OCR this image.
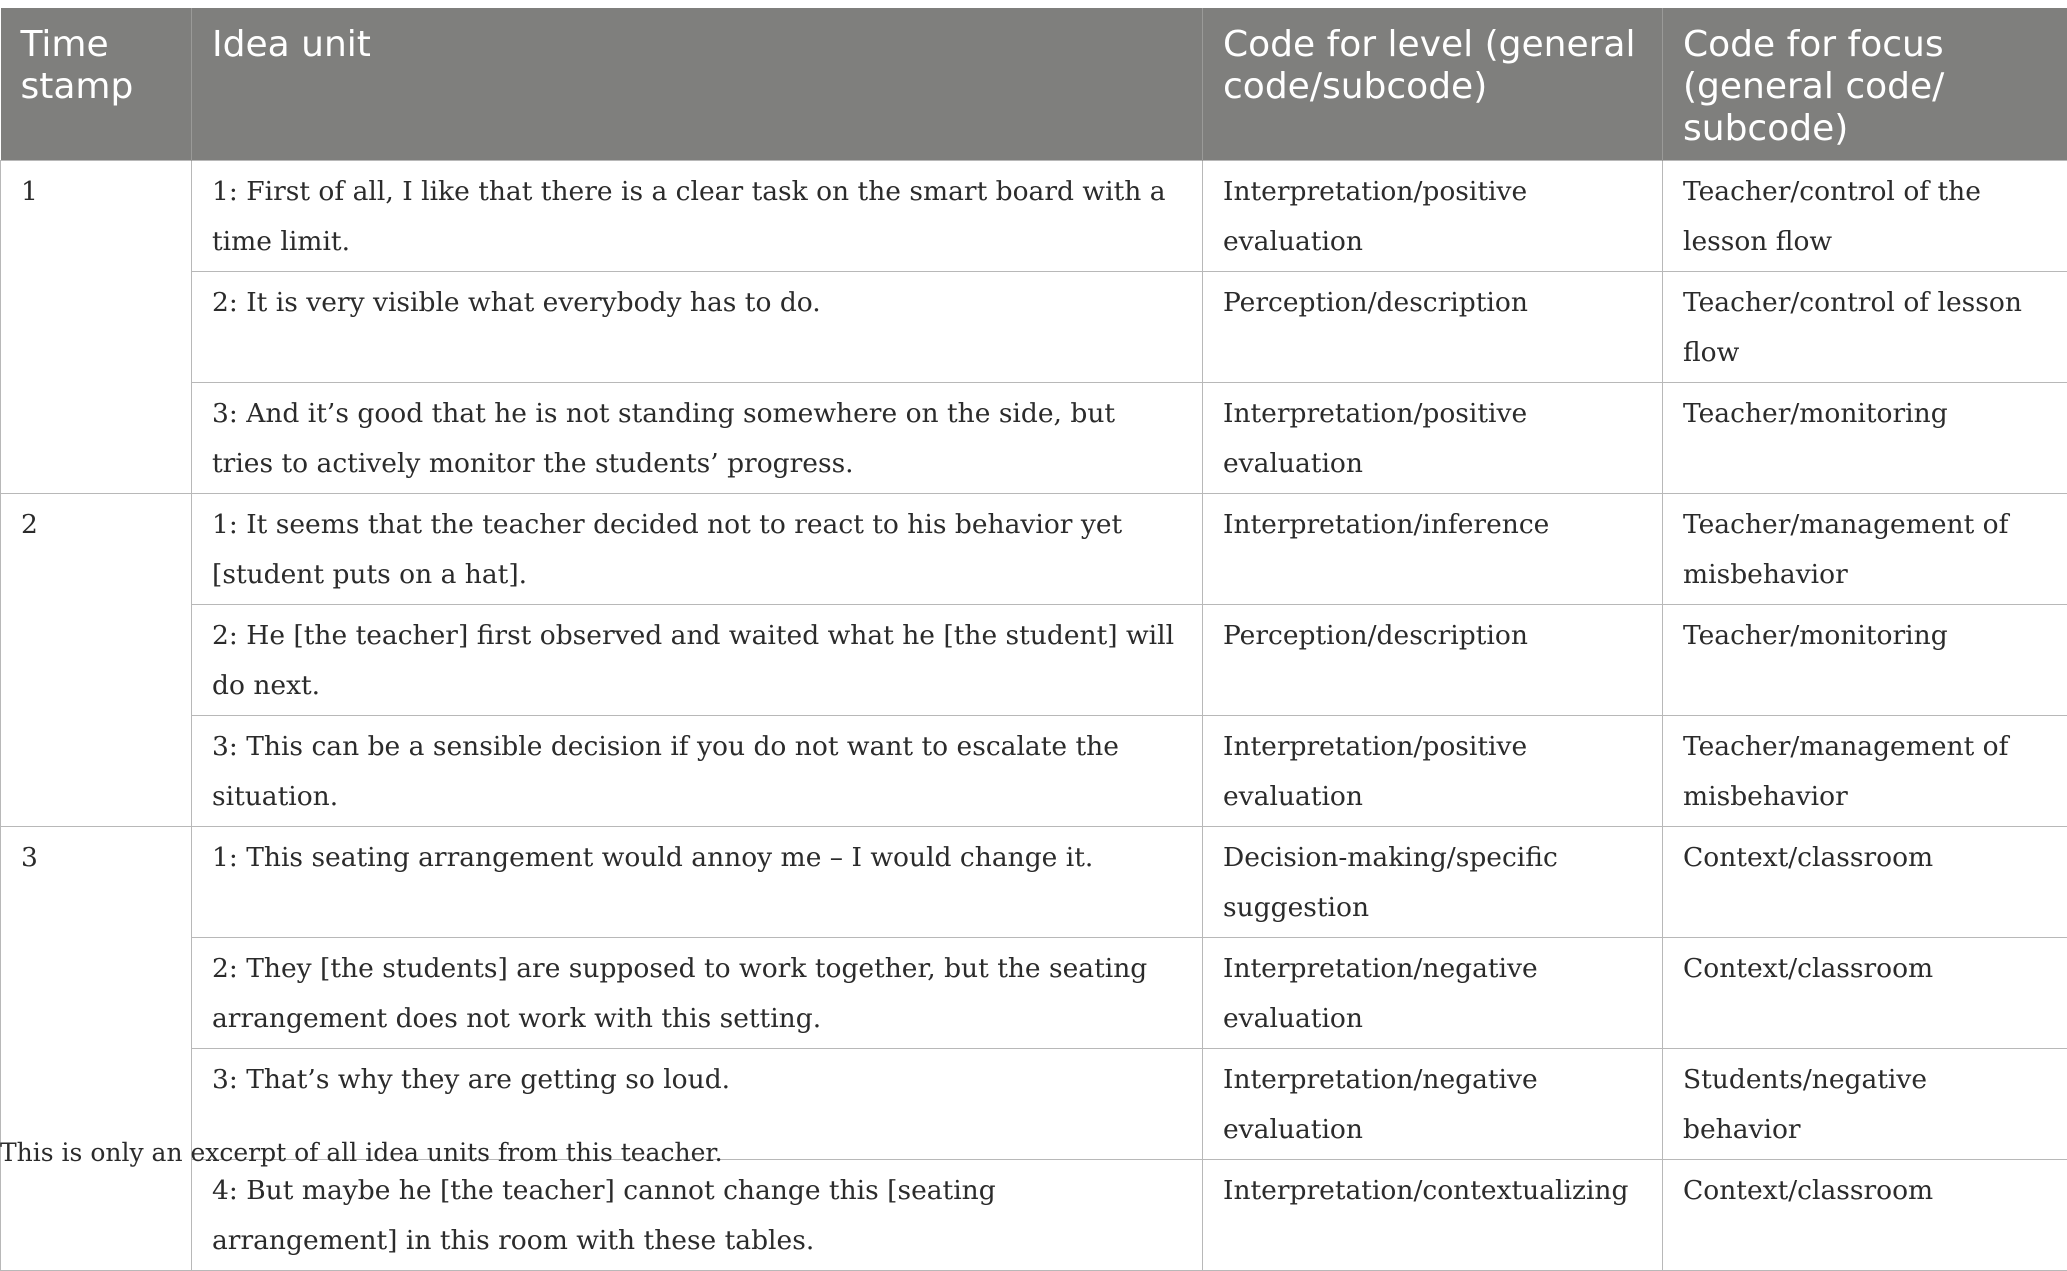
Time stamp	Idea unit	Code for level (general code/subcode)	Code for focus (general code/ subcode)
1	1: First of all, I like that there is a clear task on the smart board with a time limit.	Interpretation/positive evaluation	Teacher/control of the lesson flow
	2: It is very visible what everybody has to do.	Perception/description	Teacher/control of lesson flow
	3: And it’s good that he is not standing somewhere on the side, but tries to actively monitor the students’ progress.	Interpretation/positive evaluation	Teacher/monitoring
2	1: It seems that the teacher decided not to react to his behavior yet [student puts on a hat].	Interpretation/inference	Teacher/management of misbehavior
	2: He [the teacher] first observed and waited what he [the student] will do next.	Perception/description	Teacher/monitoring
	3: This can be a sensible decision if you do not want to escalate the situation.	Interpretation/positive evaluation	Teacher/management of misbehavior
3	1: This seating arrangement would annoy me – I would change it.	Decision-making/specific suggestion	Context/classroom
	2: They [the students] are supposed to work together, but the seating arrangement does not work with this setting.	Interpretation/negative evaluation	Context/classroom
	3: That’s why they are getting so loud.	Interpretation/negative evaluation	Students/negative behavior
	4: But maybe he [the teacher] cannot change this [seating arrangement] in this room with these tables.	Interpretation/contextualizing	Context/classroom
This is only an excerpt of all idea units from this teacher.
